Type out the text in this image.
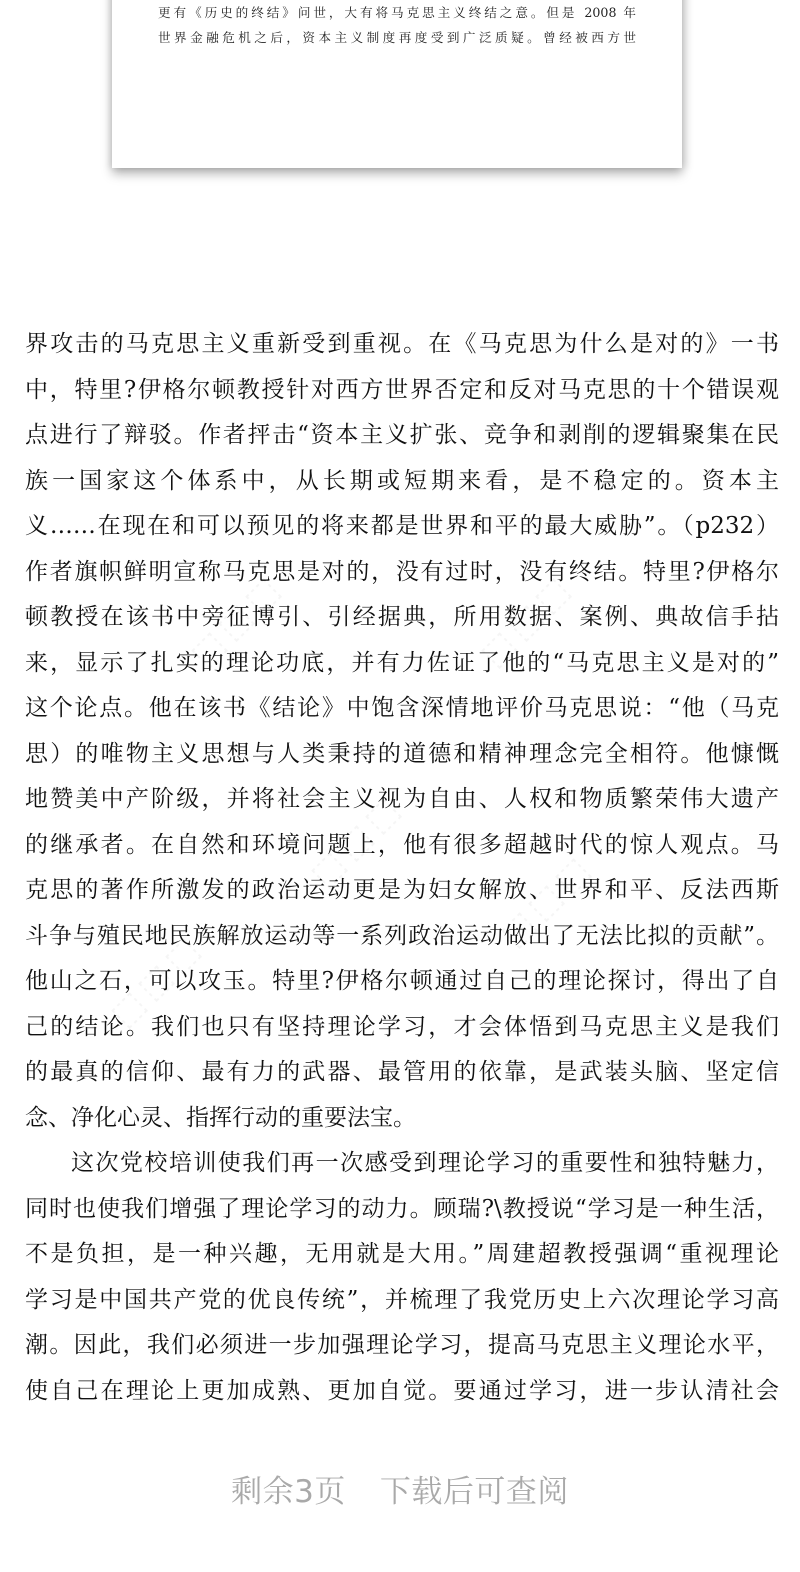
更有《历史的终结》问世，大有将马克思主义终结之意。但是 2008 年
世界金融危机之后，资本主义制度再度受到广泛质疑。曾经被西方世
⬚⬚⬚	⬚⬚⬚
⬚⬚⬚
⬚⬚⬚
⬚⬚⬚
界攻击的马克思主义重新受到重视。在《马克思为什么是对的》一书
中，特里?伊格尔顿教授针对西方世界否定和反对马克思的十个错误观
点进行了辩驳。作者抨击“资本主义扩张、竞争和剥削的逻辑聚集在民
族一国家这个体系中，从长期或短期来看，是不稳定的。资本主
义……在现在和可以预见的将来都是世界和平的最大威胁”。（p232）
作者旗帜鲜明宣称马克思是对的，没有过时，没有终结。特里?伊格尔
顿教授在该书中旁征博引、引经据典，所用数据、案例、典故信手拈
来，显示了扎实的理论功底，并有力佐证了他的“马克思主义是对的”
这个论点。他在该书《结论》中饱含深情地评价马克思说：“他（马克
思）的唯物主义思想与人类秉持的道德和精神理念完全相符。他慷慨
地赞美中产阶级，并将社会主义视为自由、人权和物质繁荣伟大遗产
的继承者。在自然和环境问题上，他有很多超越时代的惊人观点。马
克思的著作所激发的政治运动更是为妇女解放、世界和平、反法西斯
斗争与殖民地民族解放运动等一系列政治运动做出了无法比拟的贡献”。
他山之石，可以攻玉。特里?伊格尔顿通过自己的理论探讨，得出了自
己的结论。我们也只有坚持理论学习，才会体悟到马克思主义是我们
的最真的信仰、最有力的武器、最管用的依靠，是武装头脑、坚定信
念、净化心灵、指挥行动的重要法宝。
这次党校培训使我们再一次感受到理论学习的重要性和独特魅力，
同时也使我们增强了理论学习的动力。顾瑞?\教授说“学习是一种生活，
不是负担，是一种兴趣，无用就是大用。”周建超教授强调“重视理论
学习是中国共产党的优良传统”，并梳理了我党历史上六次理论学习高
潮。因此，我们必须进一步加强理论学习，提高马克思主义理论水平，
使自己在理论上更加成熟、更加自觉。要通过学习，进一步认清社会
剩余3页 下载后可查阅
